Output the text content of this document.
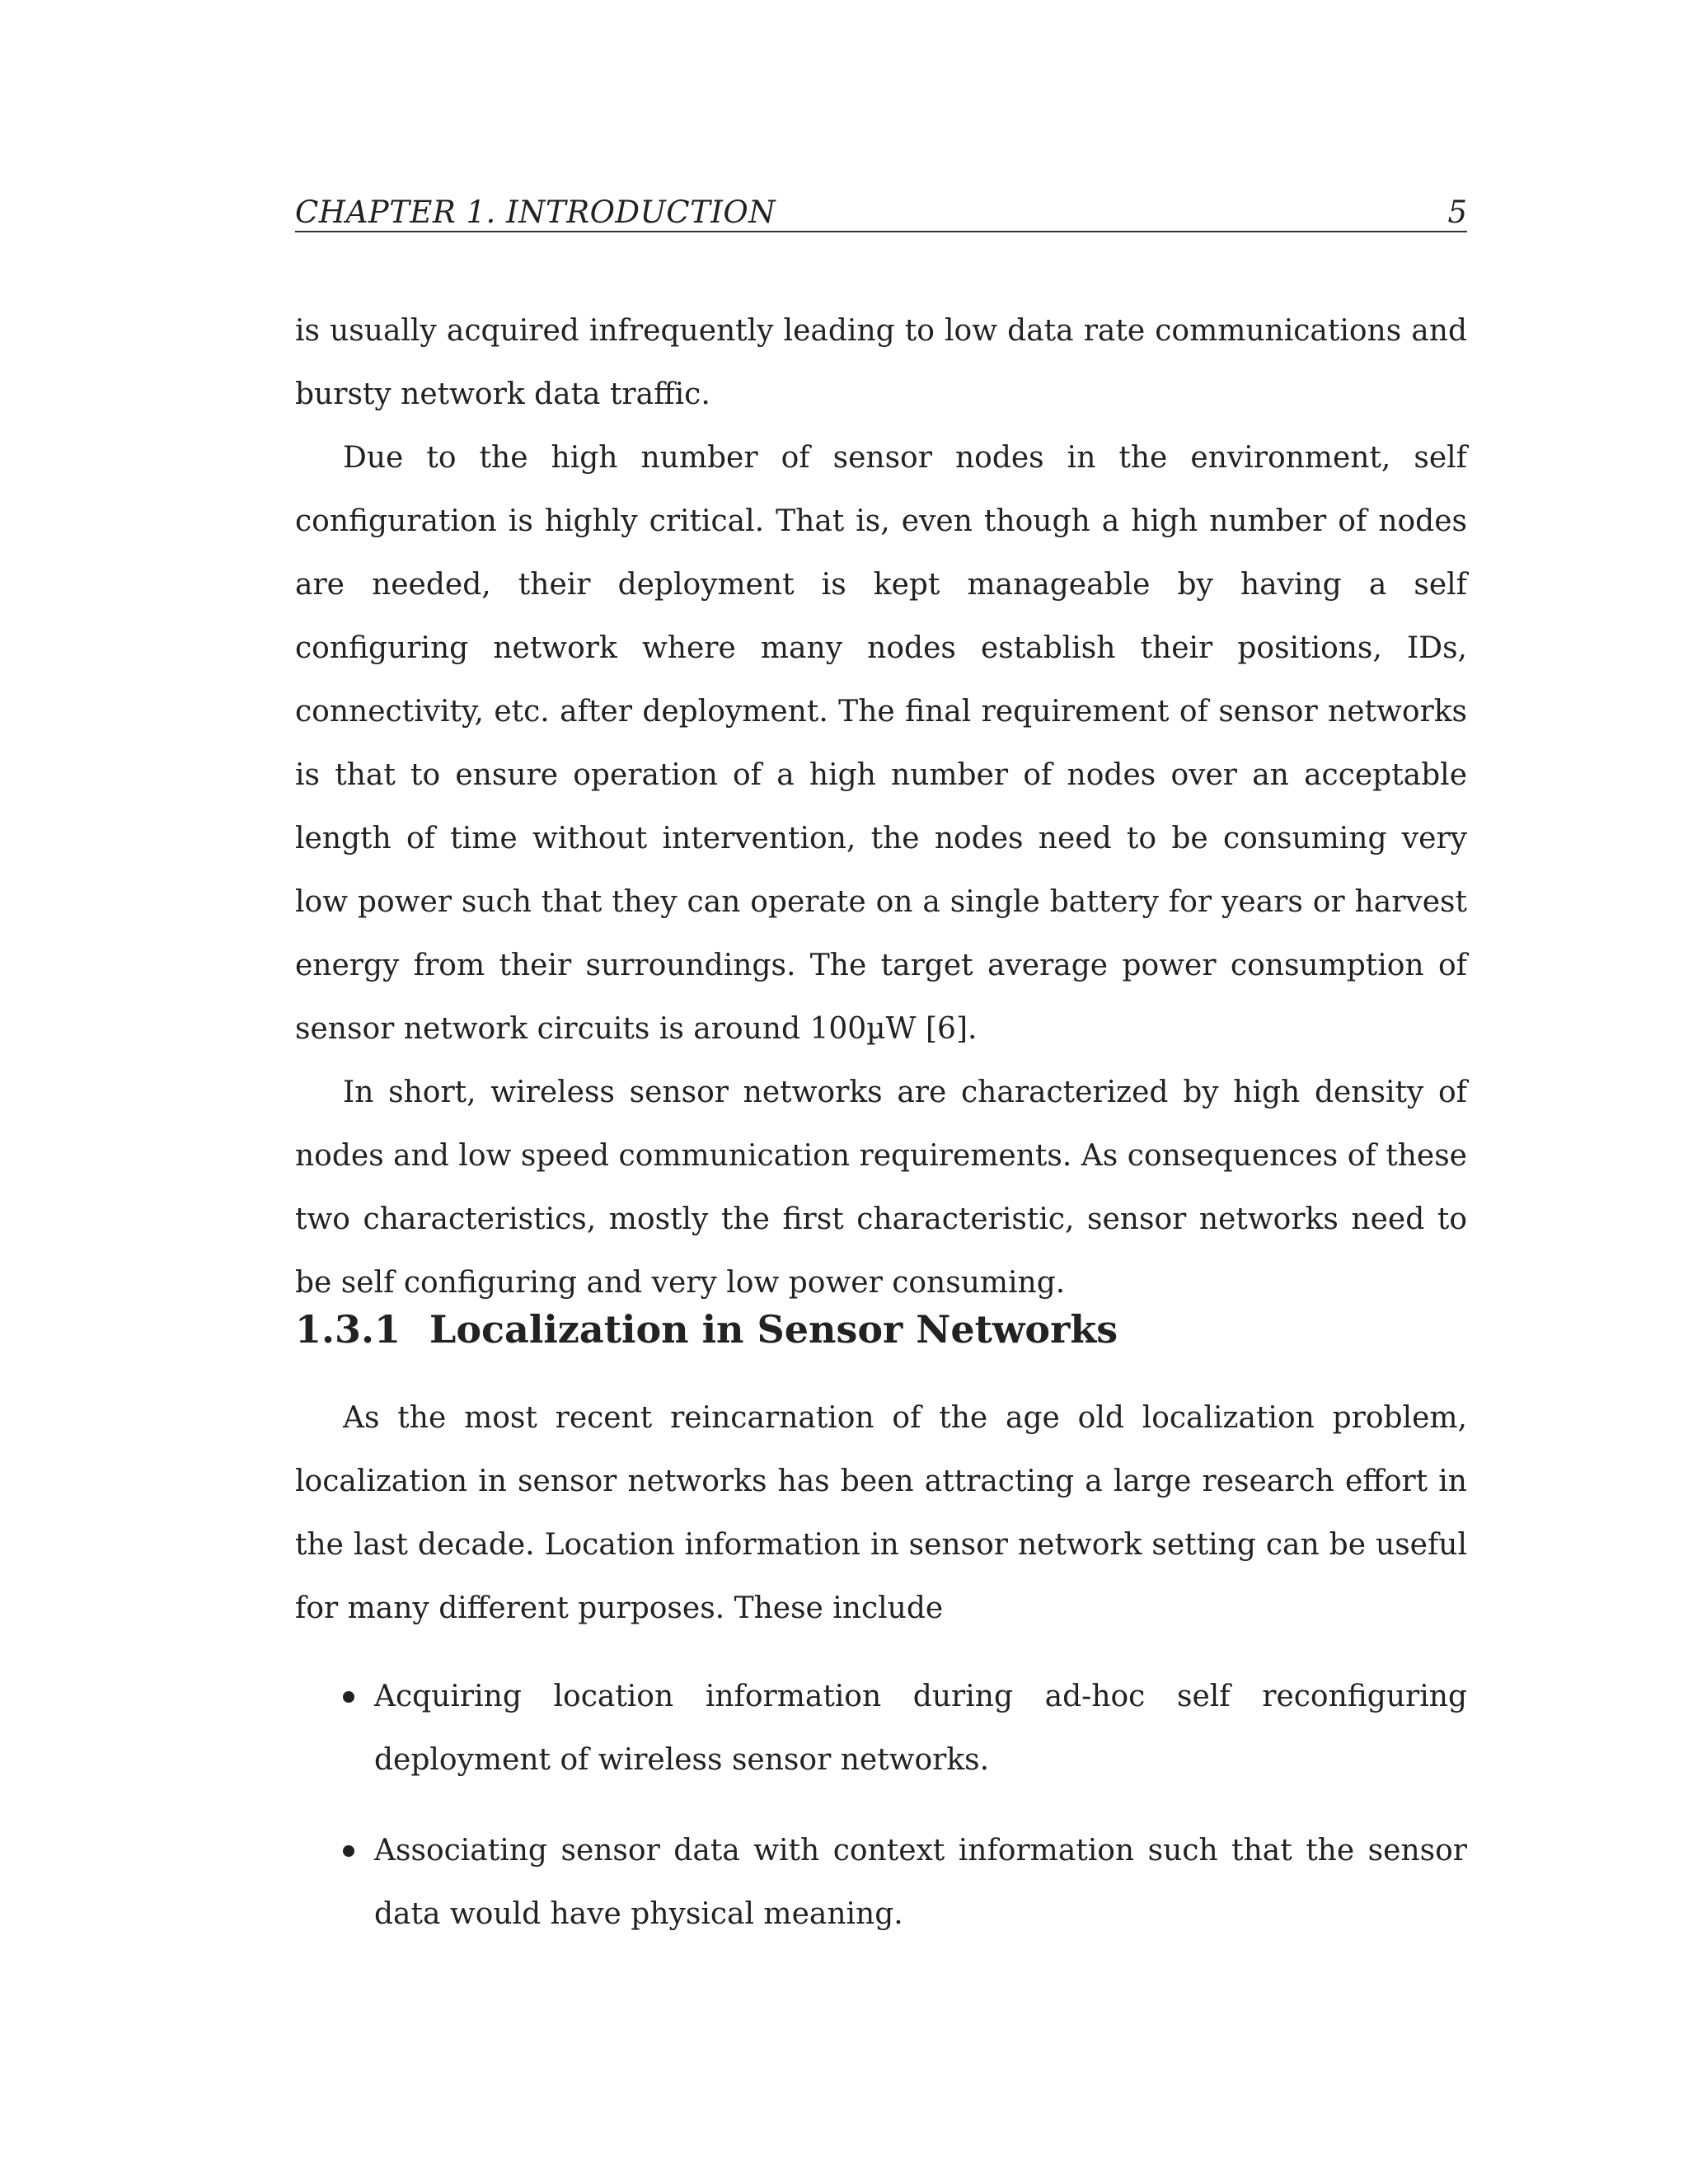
CHAPTER 1. INTRODUCTION	5

is usually acquired infrequently leading to low data rate communications and bursty network data traffic.

Due to the high number of sensor nodes in the environment, self configuration is highly critical. That is, even though a high number of nodes are needed, their deployment is kept manageable by having a self configuring network where many nodes establish their positions, IDs, connectivity, etc. after deployment. The final requirement of sensor networks is that to ensure operation of a high number of nodes over an acceptable length of time without intervention, the nodes need to be consuming very low power such that they can operate on a single battery for years or harvest energy from their surroundings. The target average power consumption of sensor network circuits is around 100µW [6].

In short, wireless sensor networks are characterized by high density of nodes and low speed communication requirements. As consequences of these two characteristics, mostly the first characteristic, sensor networks need to be self configuring and very low power consuming.

1.3.1 Localization in Sensor Networks

As the most recent reincarnation of the age old localization problem, localization in sensor networks has been attracting a large research effort in the last decade. Location information in sensor network setting can be useful for many different purposes. These include

Acquiring location information during ad-hoc self reconfiguring deployment of wireless sensor networks.
Associating sensor data with context information such that the sensor data would have physical meaning.
